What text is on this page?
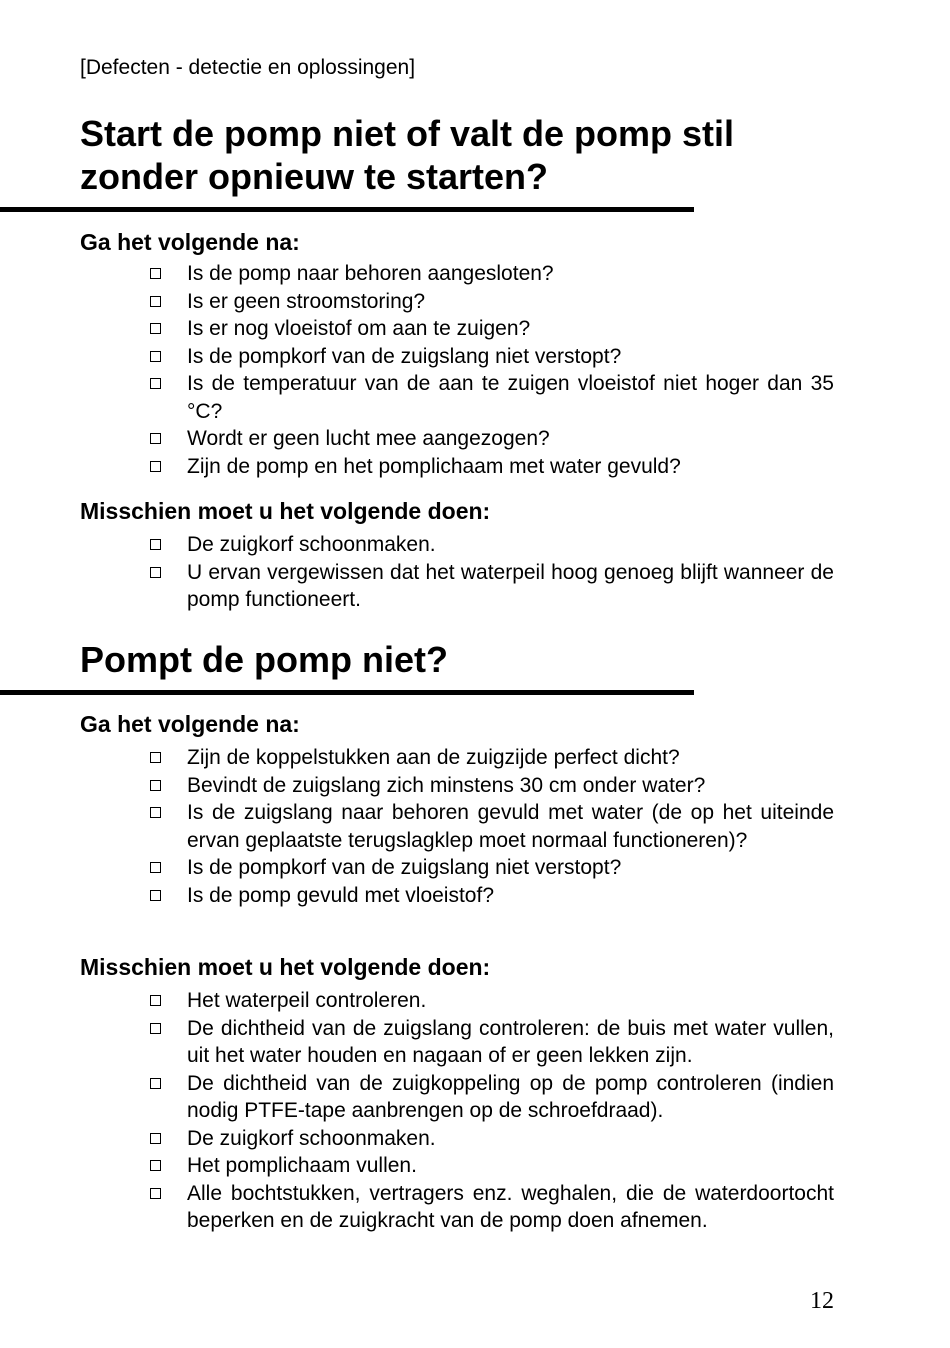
[Defecten - detectie en oplossingen]
Start de pomp niet of valt de pomp stil
zonder opnieuw te starten?
Ga het volgende na:
Is de pomp naar behoren aangesloten?
Is er geen stroomstoring?
Is er nog vloeistof om aan te zuigen?
Is de pompkorf van de zuigslang niet verstopt?
Is de temperatuur van de aan te zuigen vloeistof niet hoger dan 35 °C?
Wordt er geen lucht mee aangezogen?
Zijn de pomp en het pomplichaam met water gevuld?
Misschien moet u het volgende doen:
De zuigkorf schoonmaken.
U ervan vergewissen dat het waterpeil hoog genoeg blijft wanneer de pomp functioneert.
Pompt de pomp niet?
Ga het volgende na:
Zijn de koppelstukken aan de zuigzijde perfect dicht?
Bevindt de zuigslang zich minstens 30 cm onder water?
Is de zuigslang naar behoren gevuld met water (de op het uiteinde ervan geplaatste terugslagklep moet normaal functioneren)?
Is de pompkorf van de zuigslang niet verstopt?
Is de pomp gevuld met vloeistof?
Misschien moet u het volgende doen:
Het waterpeil controleren.
De dichtheid van de zuigslang controleren: de buis met water vullen, uit het water houden en nagaan of er geen lekken zijn.
De dichtheid van de zuigkoppeling op de pomp controleren (indien nodig PTFE-tape aanbrengen op de schroefdraad).
De zuigkorf schoonmaken.
Het pomplichaam vullen.
Alle bochtstukken, vertragers enz. weghalen, die de waterdoortocht beperken en de zuigkracht van de pomp doen afnemen.
12
